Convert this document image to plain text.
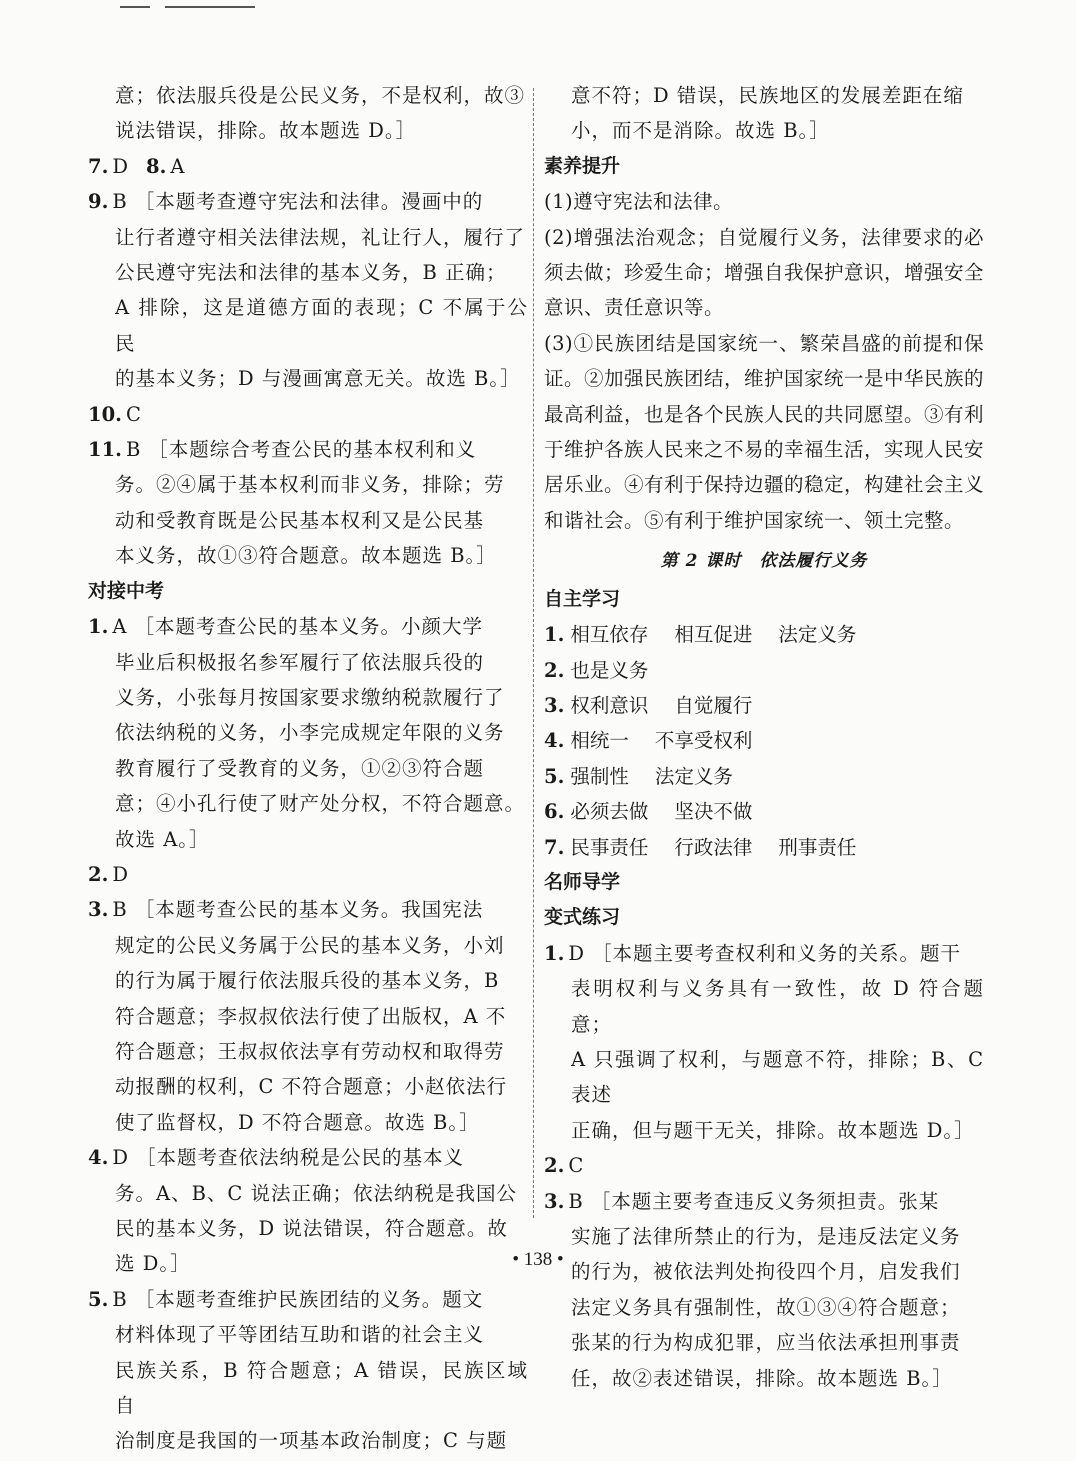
意；依法服兵役是公民义务，不是权利，故③
说法错误，排除。故本题选 D。］
7. D 8. A
9. B ［本题考查遵守宪法和法律。漫画中的
让行者遵守相关法律法规，礼让行人，履行了
公民遵守宪法和法律的基本义务，B 正确；
A 排除，这是道德方面的表现；C 不属于公民
的基本义务；D 与漫画寓意无关。故选 B。］
10. C
11. B ［本题综合考查公民的基本权利和义
务。②④属于基本权利而非义务，排除；劳
动和受教育既是公民基本权利又是公民基
本义务，故①③符合题意。故本题选 B。］
对接中考
1. A ［本题考查公民的基本义务。小颜大学
毕业后积极报名参军履行了依法服兵役的
义务，小张每月按国家要求缴纳税款履行了
依法纳税的义务，小李完成规定年限的义务
教育履行了受教育的义务，①②③符合题
意；④小孔行使了财产处分权，不符合题意。
故选 A。］
2. D
3. B ［本题考查公民的基本义务。我国宪法
规定的公民义务属于公民的基本义务，小刘
的行为属于履行依法服兵役的基本义务，B
符合题意；李叔叔依法行使了出版权，A 不
符合题意；王叔叔依法享有劳动权和取得劳
动报酬的权利，C 不符合题意；小赵依法行
使了监督权，D 不符合题意。故选 B。］
4. D ［本题考查依法纳税是公民的基本义
务。A、B、C 说法正确；依法纳税是我国公
民的基本义务，D 说法错误，符合题意。故
选 D。］
5. B ［本题考查维护民族团结的义务。题文
材料体现了平等团结互助和谐的社会主义
民族关系，B 符合题意；A 错误，民族区域自
治制度是我国的一项基本政治制度；C 与题
意不符；D 错误，民族地区的发展差距在缩
小，而不是消除。故选 B。］
素养提升
(1)遵守宪法和法律。
(2)增强法治观念；自觉履行义务，法律要求的必须去做；珍爱生命；增强自我保护意识，增强安全意识、责任意识等。
(3)①民族团结是国家统一、繁荣昌盛的前提和保证。②加强民族团结，维护国家统一是中华民族的最高利益，也是各个民族人民的共同愿望。③有利于维护各族人民来之不易的幸福生活，实现人民安居乐业。④有利于保持边疆的稳定，构建社会主义和谐社会。⑤有利于维护国家统一、领土完整。
第 2 课时　依法履行义务
自主学习
1. 相互依存 相互促进 法定义务
2. 也是义务
3. 权利意识 自觉履行
4. 相统一 不享受权利
5. 强制性 法定义务
6. 必须去做 坚决不做
7. 民事责任 行政法律 刑事责任
名师导学
变式练习
1. D ［本题主要考查权利和义务的关系。题干
表明权利与义务具有一致性，故 D 符合题意；
A 只强调了权利，与题意不符，排除；B、C 表述
正确，但与题干无关，排除。故本题选 D。］
2. C
3. B ［本题主要考查违反义务须担责。张某
实施了法律所禁止的行为，是违反法定义务
的行为，被依法判处拘役四个月，启发我们
法定义务具有强制性，故①③④符合题意；
张某的行为构成犯罪，应当依法承担刑事责
任，故②表述错误，排除。故本题选 B。］
• 138 •
